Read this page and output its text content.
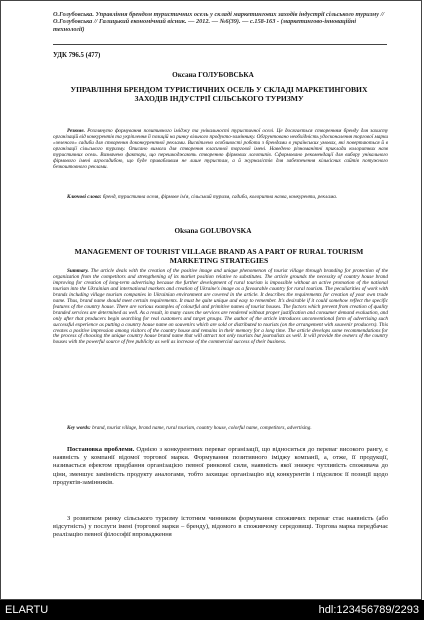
О.Голубовська. Управління брендом туристичних осель у складі маркетингових заходів індустрії сільського туризму // О.Голубовська // Галицький економічний вісник. — 2012. — №6(39). — с.158-163 - (маркетингово-інноваційні технології)
УДК 796.5 (477)
Оксана ГОЛУБОВСЬКА
УПРАВЛІННЯ БРЕНДОМ ТУРИСТИЧНИХ ОСЕЛЬ У СКЛАДІ МАРКЕТИНГОВИХ ЗАХОДІВ ІНДУСТРІЇ СІЛЬСЬКОГО ТУРИЗМУ
Резюме. Розглянуто формування позитивного іміджу та унікальності туристичної оселі. Це досягається створенням бренду для захисту організацій від конкурентів та укріплення її позицій на ринку вільного продукто-заміннику. Обгрунтовано необхідність удосконалення торгової марки «зеленого» садиби для створення доконкурентної реклами. Висвітлено особливості роботи з брендами в українських умовах, які повертаються й в організації сільського туризму. Описано вимоги для створення класичної торгової імені. Наведено різноманітні приклади колоритних назв туристичних осель. Визначено фактори, що перешкоджають створенню фірмових логотипів. Сформовано рекомендації для вибору унікального фірмового імені агросадибою, що буде привабливим не лише туристам, а й журналістів для забезпечення кількісних сайтів потужного безкоштовного реклами.
Ключові слова: бренд, туристична оселя, фірмове ім'я, сільський туризм, садиба, колоритна назва, конкуренти, реклама.
Oksana GOLUBOVSKA
MANAGEMENT OF TOURIST VILLAGE BRAND AS A PART OF RURAL TOURISM MARKETING STRATEGIES
Summary. The article deals with the creation of the positive image and unique phenomenon of tourist village through branding for protection of the organization from the competitors and strengthening of its market position relative to substitutes. The article grounds the necessity of country house brand improving for creation of long-term advertising because the further development of rural tourism is impossible without an active promotion of the national tourism into the Ukrainian and international markets and creation of Ukraine's image as a favourable country for rural tourism. The peculiarities of work with brands including village tourism companies in Ukrainian environment are covered in the article. It describes the requirements for creation of your own trade name. Thus, brand name should meet certain requirements. It must be quite unique and easy to remember. It's desirable if it could somehow reflect the specific features of the country house. There are various examples of colourful and primitive names of tourist houses. The factors which prevent from creation of quality branded services are determined as well. As a result, in many cases the services are rendered without proper justification and consumer demand evaluation, and only after that producers begin searching for real customers and target groups. The author of the article introduces unconventional form of advertising such successful experience as putting a country house name on souvenirs which are sold or distributed to tourists (on the arrangement with souvenir producers). This creates a positive impression among visitors of the country house and remains in their memory for a long time. The article develops some recommendations for the process of choosing the unique country house brand name that will attract not only tourists but journalists as well. It will provide the owners of the country houses with the powerful source of free publicity as well as increase of the commercial success of their business.
Key words: brand, tourist village, brand name, rural tourism, country house, colorful name, competitors, advertising.
Постановка проблеми. Однією з конкурентних переваг організації, що відноситься до переваг високого рангу, є наявність у компанії відомої торгової марки. Формування позитивного іміджу компанії, а, отже, її продукції, називається ефектом придбання організацією певної ринкової сили, наявність якої знижує чутливість споживача до ціни, зменшує замінність продукту аналогами, тобто захищає організацію від конкурентів і підсилює її позиції щодо продуктів-замінників.
З розвитком ринку сільського туризму істотним чинником формування споживчих переваг стає наявність (або відсутність) у послуги імені (торгової марки – бренду), відомого в споживчому середовищі. Торгова марка передбачає реалізацію певної філософії впровадження
ELARTU	hdl:123456789/2293
